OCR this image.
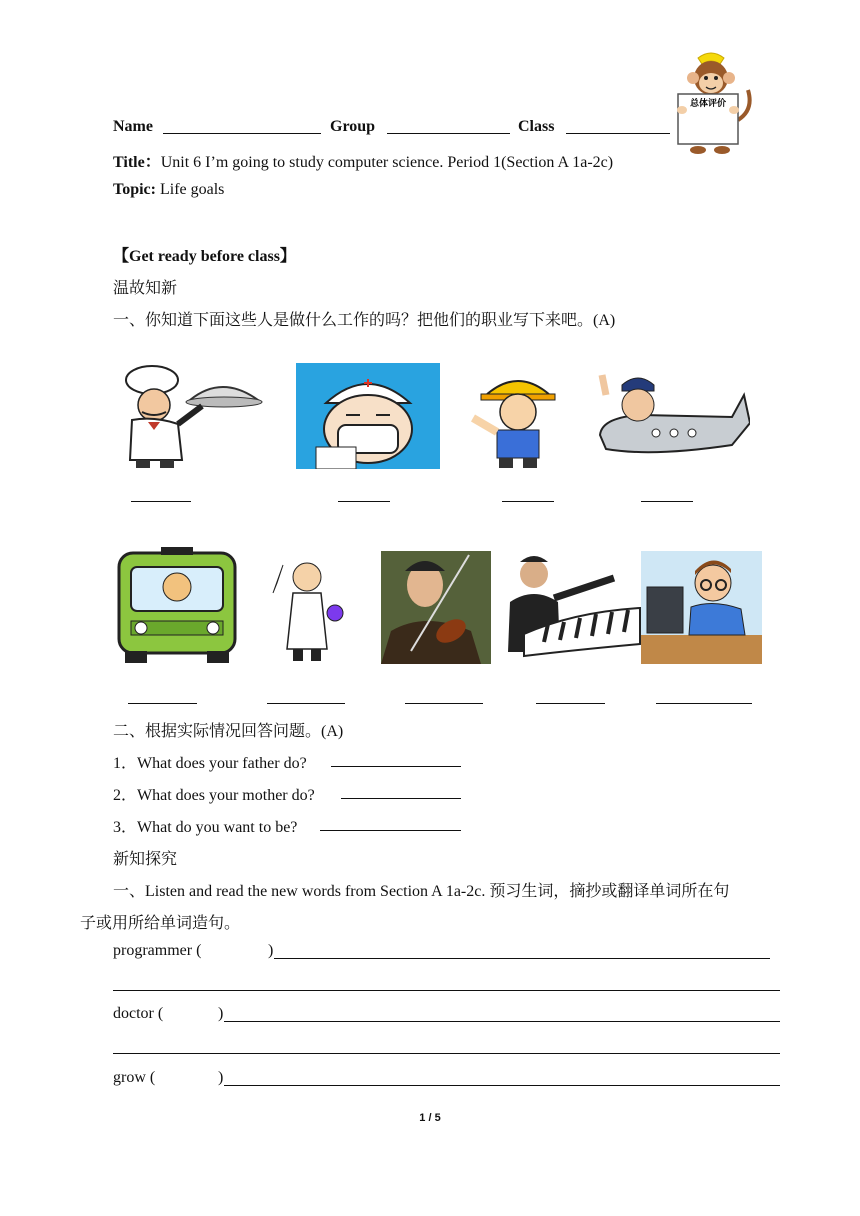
Name	Group	Class
总体评价
Title：Unit 6 I’m going to study computer science. Period 1(Section A 1a-2c)
Topic: Life goals
【Get ready before class】
温故知新
一、你知道下面这些人是做什么工作的吗？把他们的职业写下来吧。(A)
二、根据实际情况回答问题。(A)
1．What does your father do?
2．What does your mother do?
3．What do you want to be?
新知探究
一、Listen and read the new words from Section A 1a-2c. 预习生词，摘抄或翻译单词所在句
子或用所给单词造句。
programmer (	)
doctor (	)
grow (	)
1 / 5
